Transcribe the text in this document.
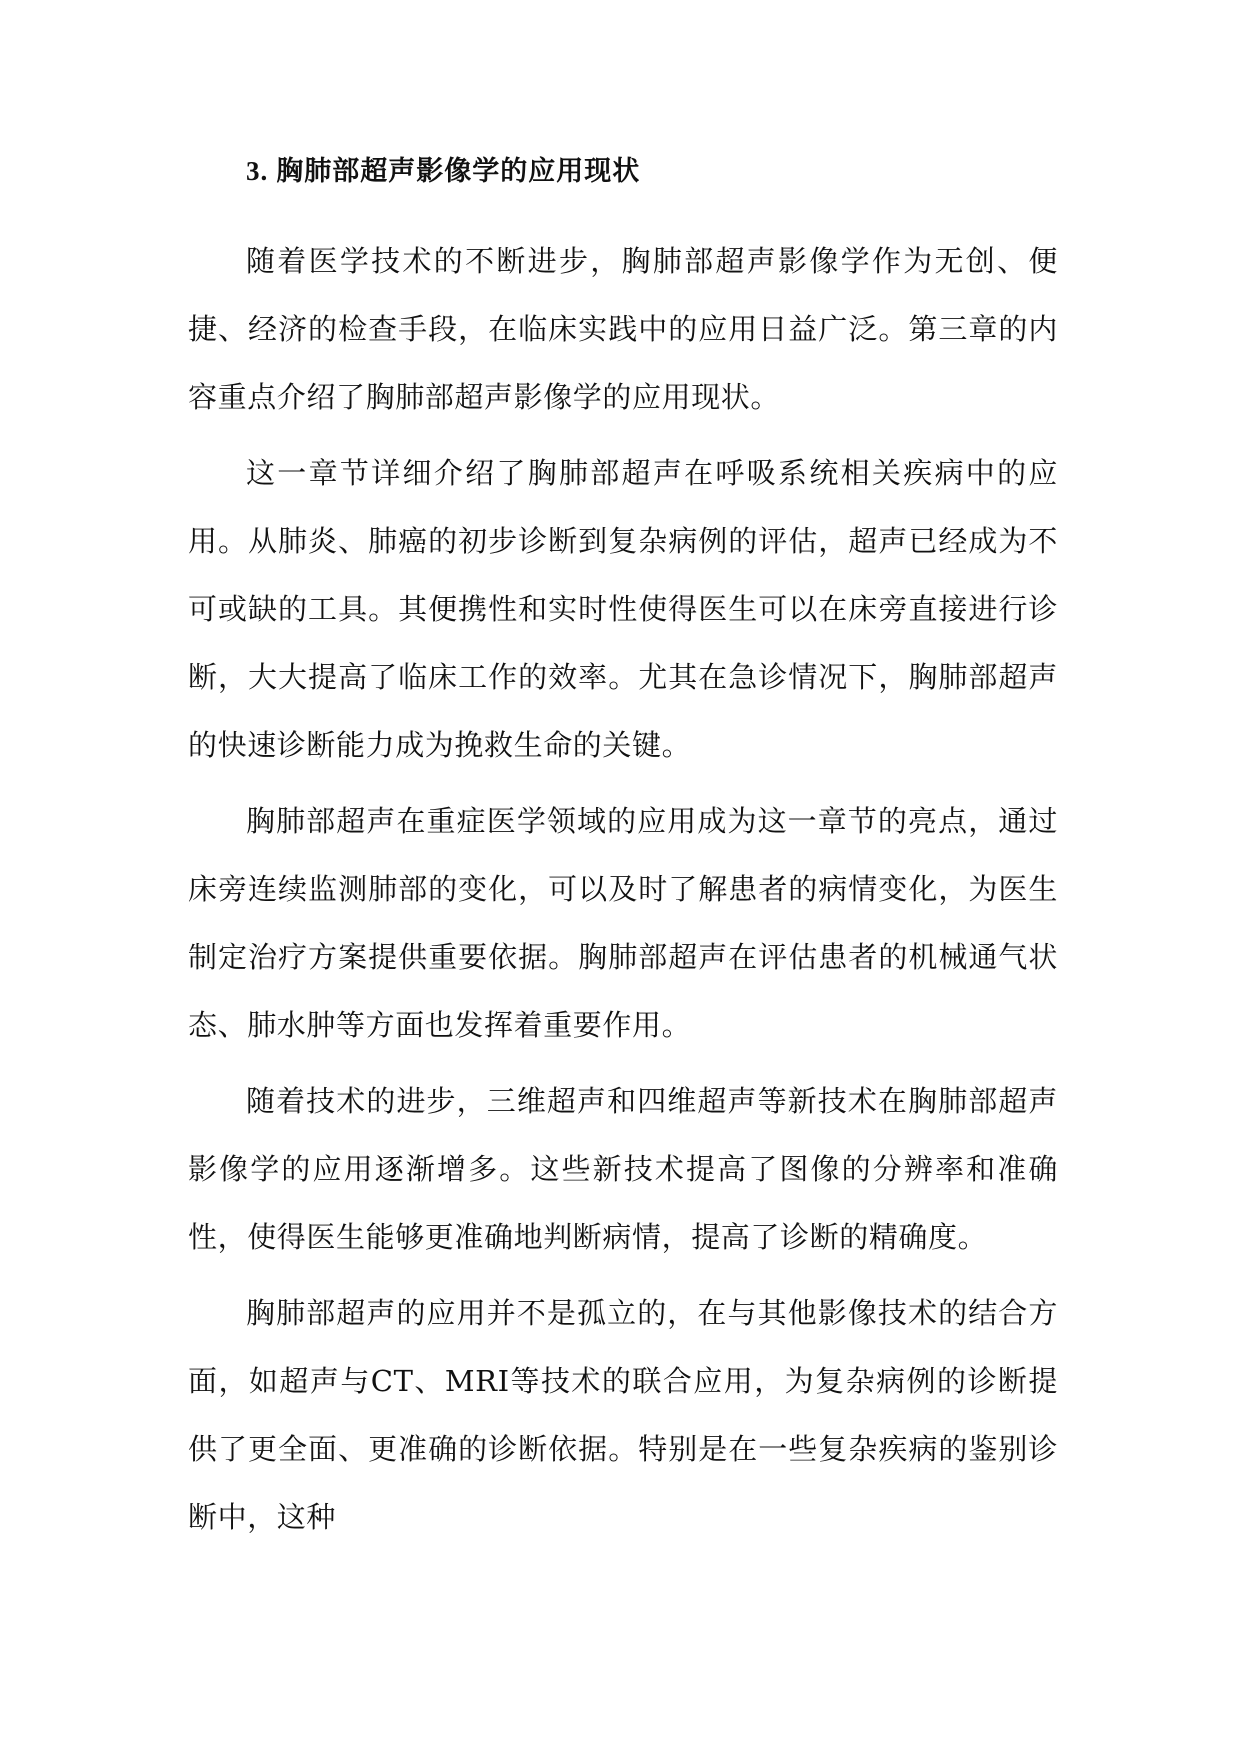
3. 胸肺部超声影像学的应用现状

随着医学技术的不断进步，胸肺部超声影像学作为无创、便捷、经济的检查手段，在临床实践中的应用日益广泛。第三章的内容重点介绍了胸肺部超声影像学的应用现状。

这一章节详细介绍了胸肺部超声在呼吸系统相关疾病中的应用。从肺炎、肺癌的初步诊断到复杂病例的评估，超声已经成为不可或缺的工具。其便携性和实时性使得医生可以在床旁直接进行诊断，大大提高了临床工作的效率。尤其在急诊情况下，胸肺部超声的快速诊断能力成为挽救生命的关键。

胸肺部超声在重症医学领域的应用成为这一章节的亮点，通过床旁连续监测肺部的变化，可以及时了解患者的病情变化，为医生制定治疗方案提供重要依据。胸肺部超声在评估患者的机械通气状态、肺水肿等方面也发挥着重要作用。

随着技术的进步，三维超声和四维超声等新技术在胸肺部超声影像学的应用逐渐增多。这些新技术提高了图像的分辨率和准确性，使得医生能够更准确地判断病情，提高了诊断的精确度。

胸肺部超声的应用并不是孤立的，在与其他影像技术的结合方面，如超声与CT、MRI等技术的联合应用，为复杂病例的诊断提供了更全面、更准确的诊断依据。特别是在一些复杂疾病的鉴别诊断中，这种
